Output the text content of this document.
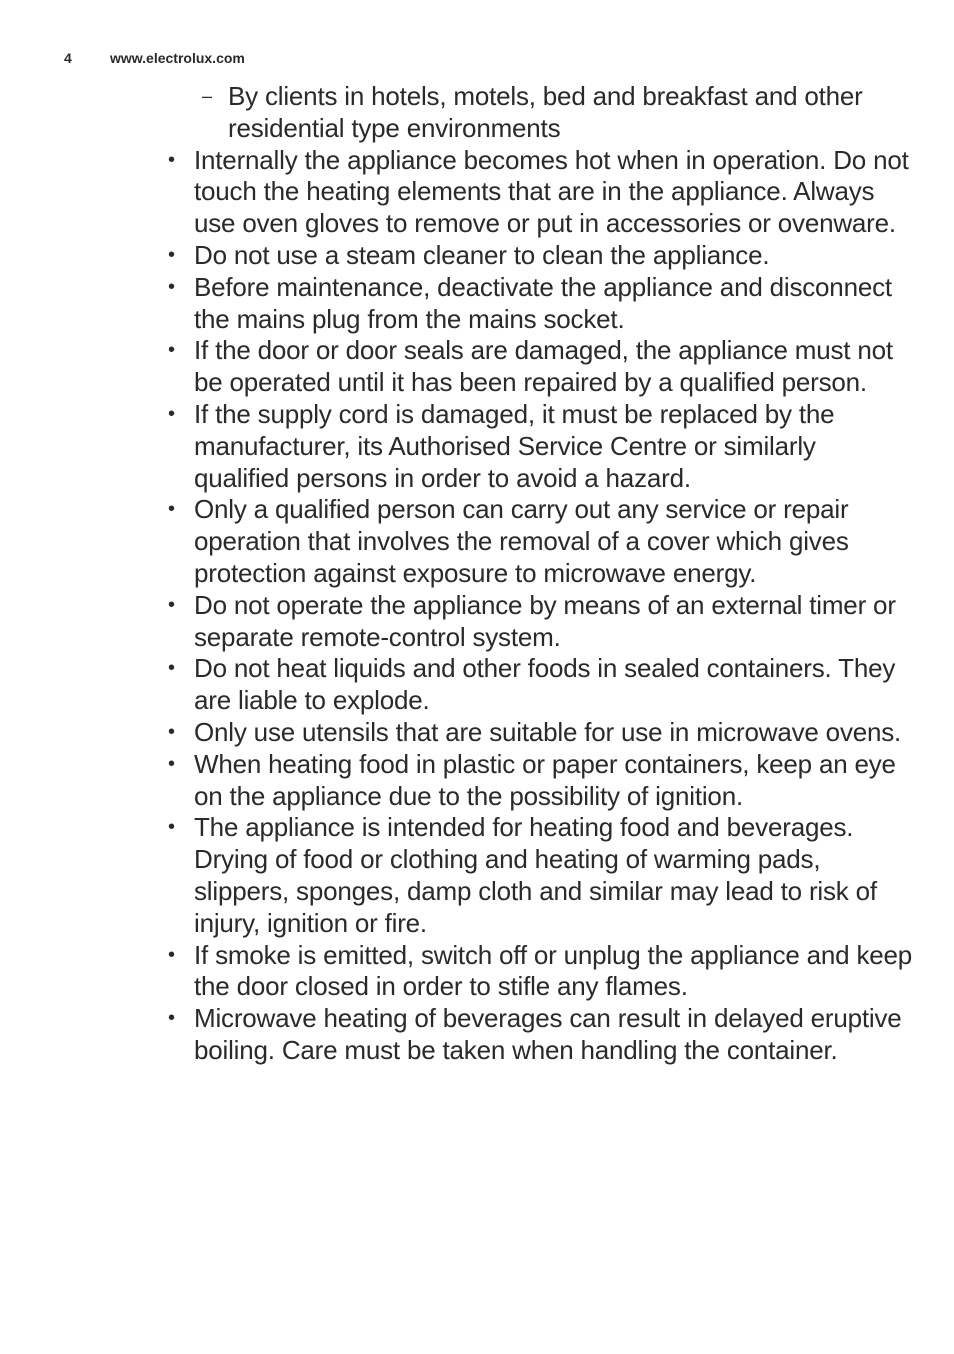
4	www.electrolux.com

– By clients in hotels, motels, bed and breakfast and other residential type environments

• Internally the appliance becomes hot when in operation. Do not touch the heating elements that are in the appliance. Always use oven gloves to remove or put in accessories or ovenware.
• Do not use a steam cleaner to clean the appliance.
• Before maintenance, deactivate the appliance and disconnect the mains plug from the mains socket.
• If the door or door seals are damaged, the appliance must not be operated until it has been repaired by a qualified person.
• If the supply cord is damaged, it must be replaced by the manufacturer, its Authorised Service Centre or similarly qualified persons in order to avoid a hazard.
• Only a qualified person can carry out any service or repair operation that involves the removal of a cover which gives protection against exposure to microwave energy.
• Do not operate the appliance by means of an external timer or separate remote-control system.
• Do not heat liquids and other foods in sealed containers. They are liable to explode.
• Only use utensils that are suitable for use in microwave ovens.
• When heating food in plastic or paper containers, keep an eye on the appliance due to the possibility of ignition.
• The appliance is intended for heating food and beverages. Drying of food or clothing and heating of warming pads, slippers, sponges, damp cloth and similar may lead to risk of injury, ignition or fire.
• If smoke is emitted, switch off or unplug the appliance and keep the door closed in order to stifle any flames.
• Microwave heating of beverages can result in delayed eruptive boiling. Care must be taken when handling the container.
